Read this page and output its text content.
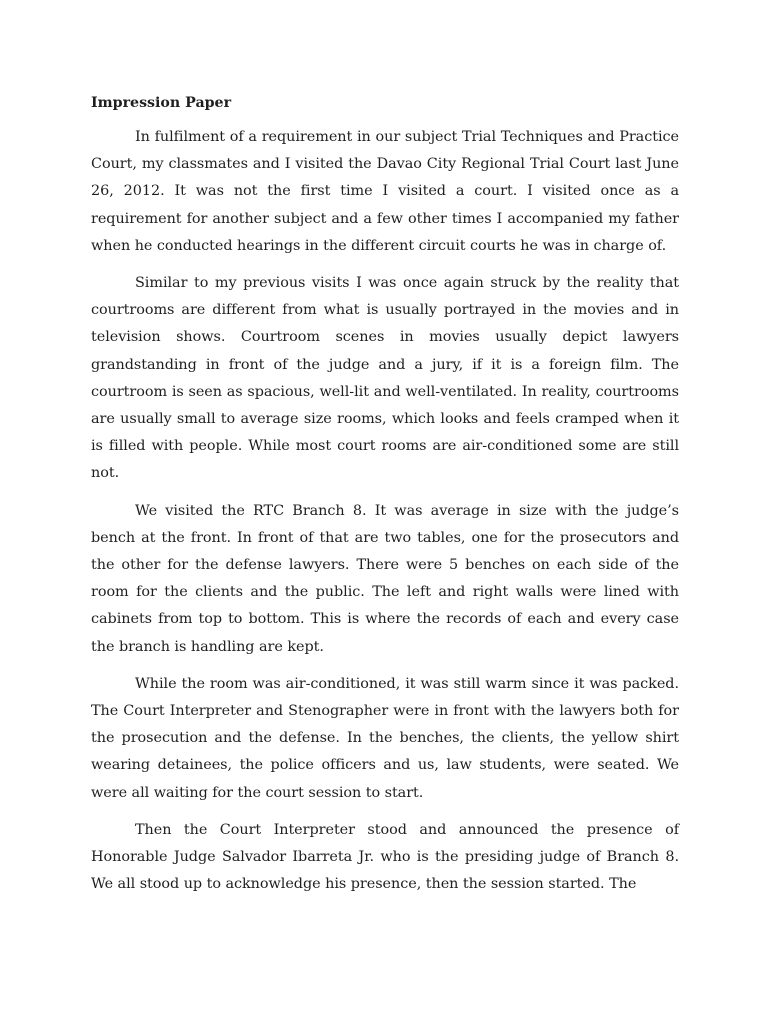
Impression Paper

In fulfilment of a requirement in our subject Trial Techniques and Practice Court, my classmates and I visited the Davao City Regional Trial Court last June 26, 2012. It was not the first time I visited a court. I visited once as a requirement for another subject and a few other times I accompanied my father when he conducted hearings in the different circuit courts he was in charge of.

Similar to my previous visits I was once again struck by the reality that courtrooms are different from what is usually portrayed in the movies and in television shows. Courtroom scenes in movies usually depict lawyers grandstanding in front of the judge and a jury, if it is a foreign film. The courtroom is seen as spacious, well-lit and well-ventilated. In reality, courtrooms are usually small to average size rooms, which looks and feels cramped when it is filled with people. While most court rooms are air-conditioned some are still not.

We visited the RTC Branch 8. It was average in size with the judge’s bench at the front. In front of that are two tables, one for the prosecutors and the other for the defense lawyers. There were 5 benches on each side of the room for the clients and the public. The left and right walls were lined with cabinets from top to bottom. This is where the records of each and every case the branch is handling are kept.

While the room was air-conditioned, it was still warm since it was packed. The Court Interpreter and Stenographer were in front with the lawyers both for the prosecution and the defense. In the benches, the clients, the yellow shirt wearing detainees, the police officers and us, law students, were seated. We were all waiting for the court session to start.

Then the Court Interpreter stood and announced the presence of Honorable Judge Salvador Ibarreta Jr. who is the presiding judge of Branch 8. We all stood up to acknowledge his presence, then the session started. The
